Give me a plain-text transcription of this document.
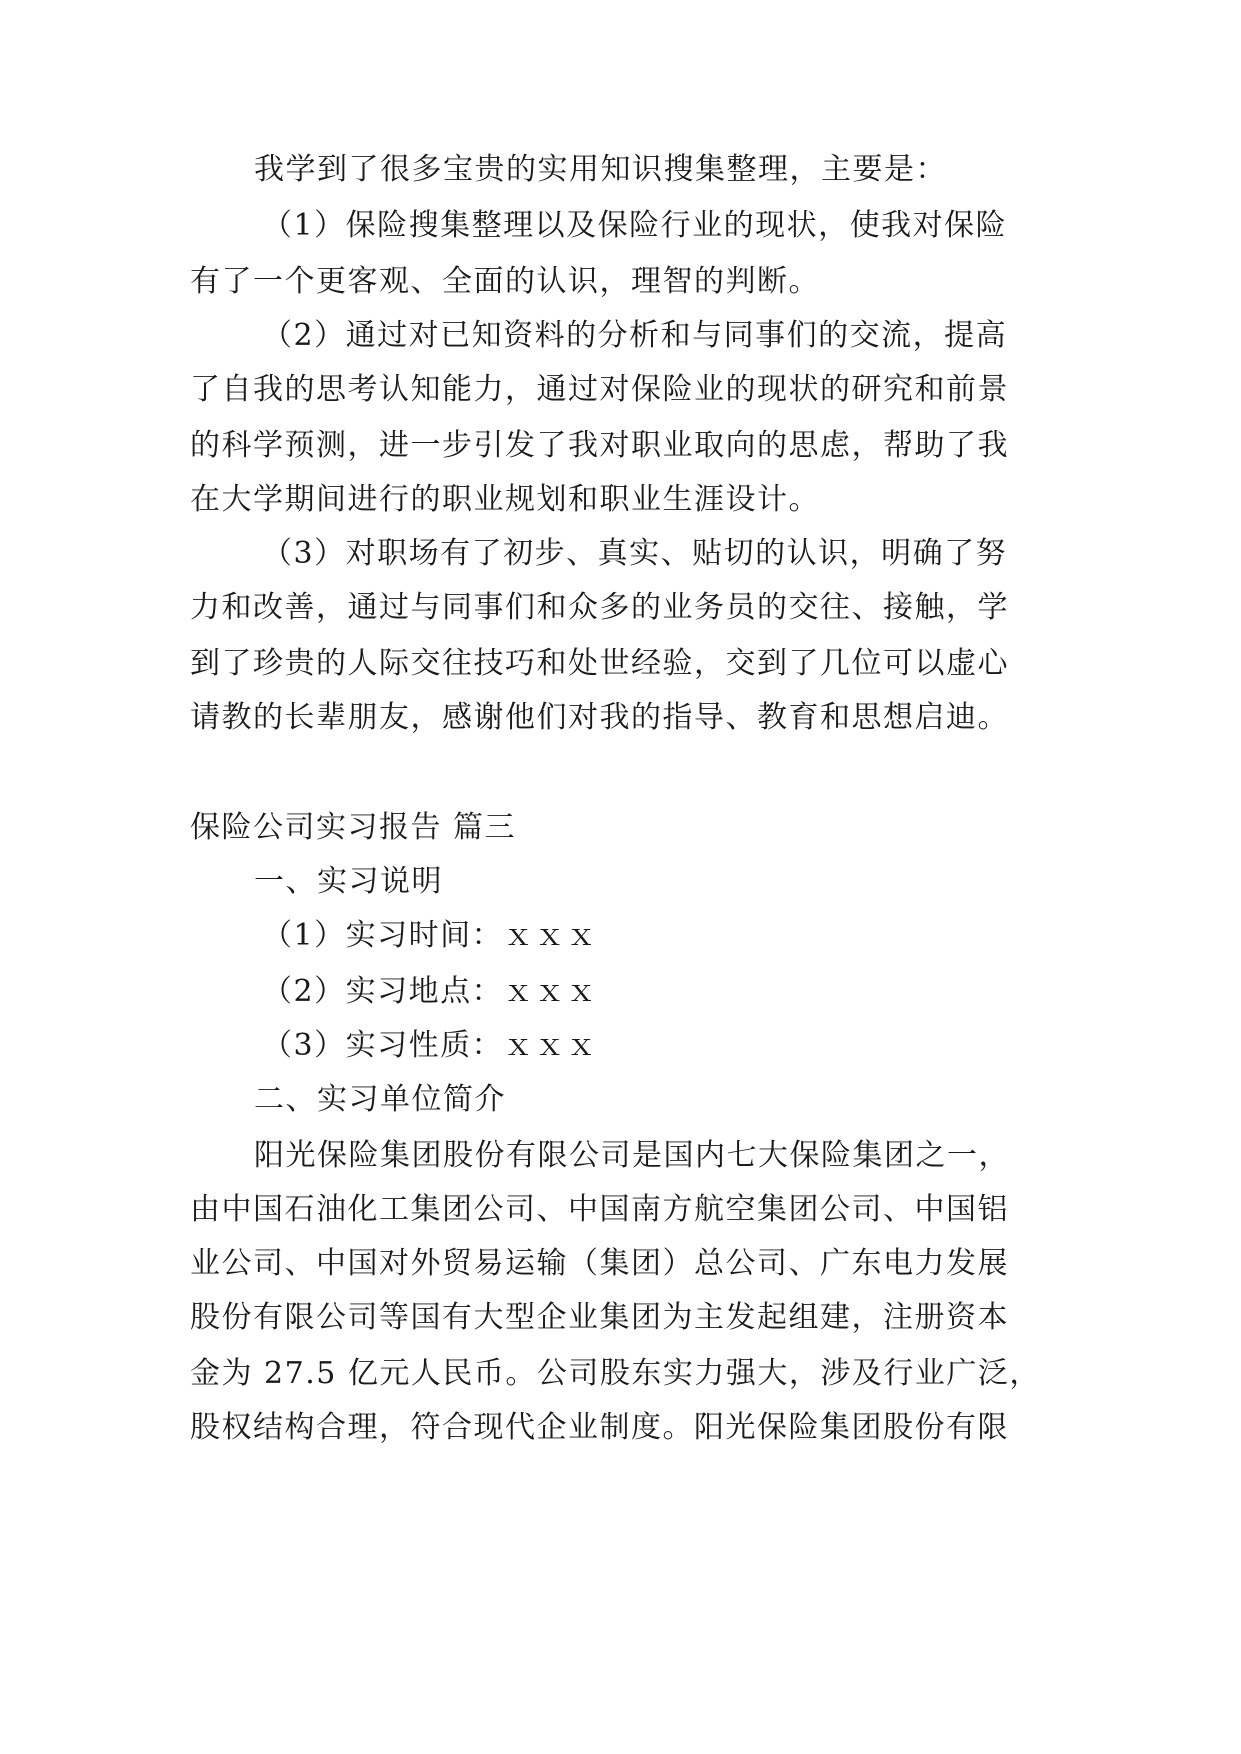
我学到了很多宝贵的实用知识搜集整理，主要是：
（1）保险搜集整理以及保险行业的现状，使我对保险
有了一个更客观、全面的认识，理智的判断。
（2）通过对已知资料的分析和与同事们的交流，提高
了自我的思考认知能力，通过对保险业的现状的研究和前景
的科学预测，进一步引发了我对职业取向的思虑，帮助了我
在大学期间进行的职业规划和职业生涯设计。
（3）对职场有了初步、真实、贴切的认识，明确了努
力和改善，通过与同事们和众多的业务员的交往、接触，学
到了珍贵的人际交往技巧和处世经验，交到了几位可以虚心
请教的长辈朋友，感谢他们对我的指导、教育和思想启迪。
保险公司实习报告 篇三
一、实习说明
（1）实习时间：ｘｘｘ
（2）实习地点：ｘｘｘ
（3）实习性质：ｘｘｘ
二、实习单位简介
阳光保险集团股份有限公司是国内七大保险集团之一，
由中国石油化工集团公司、中国南方航空集团公司、中国铝
业公司、中国对外贸易运输（集团）总公司、广东电力发展
股份有限公司等国有大型企业集团为主发起组建，注册资本
金为 27.5 亿元人民币。公司股东实力强大，涉及行业广泛，
股权结构合理，符合现代企业制度。阳光保险集团股份有限
